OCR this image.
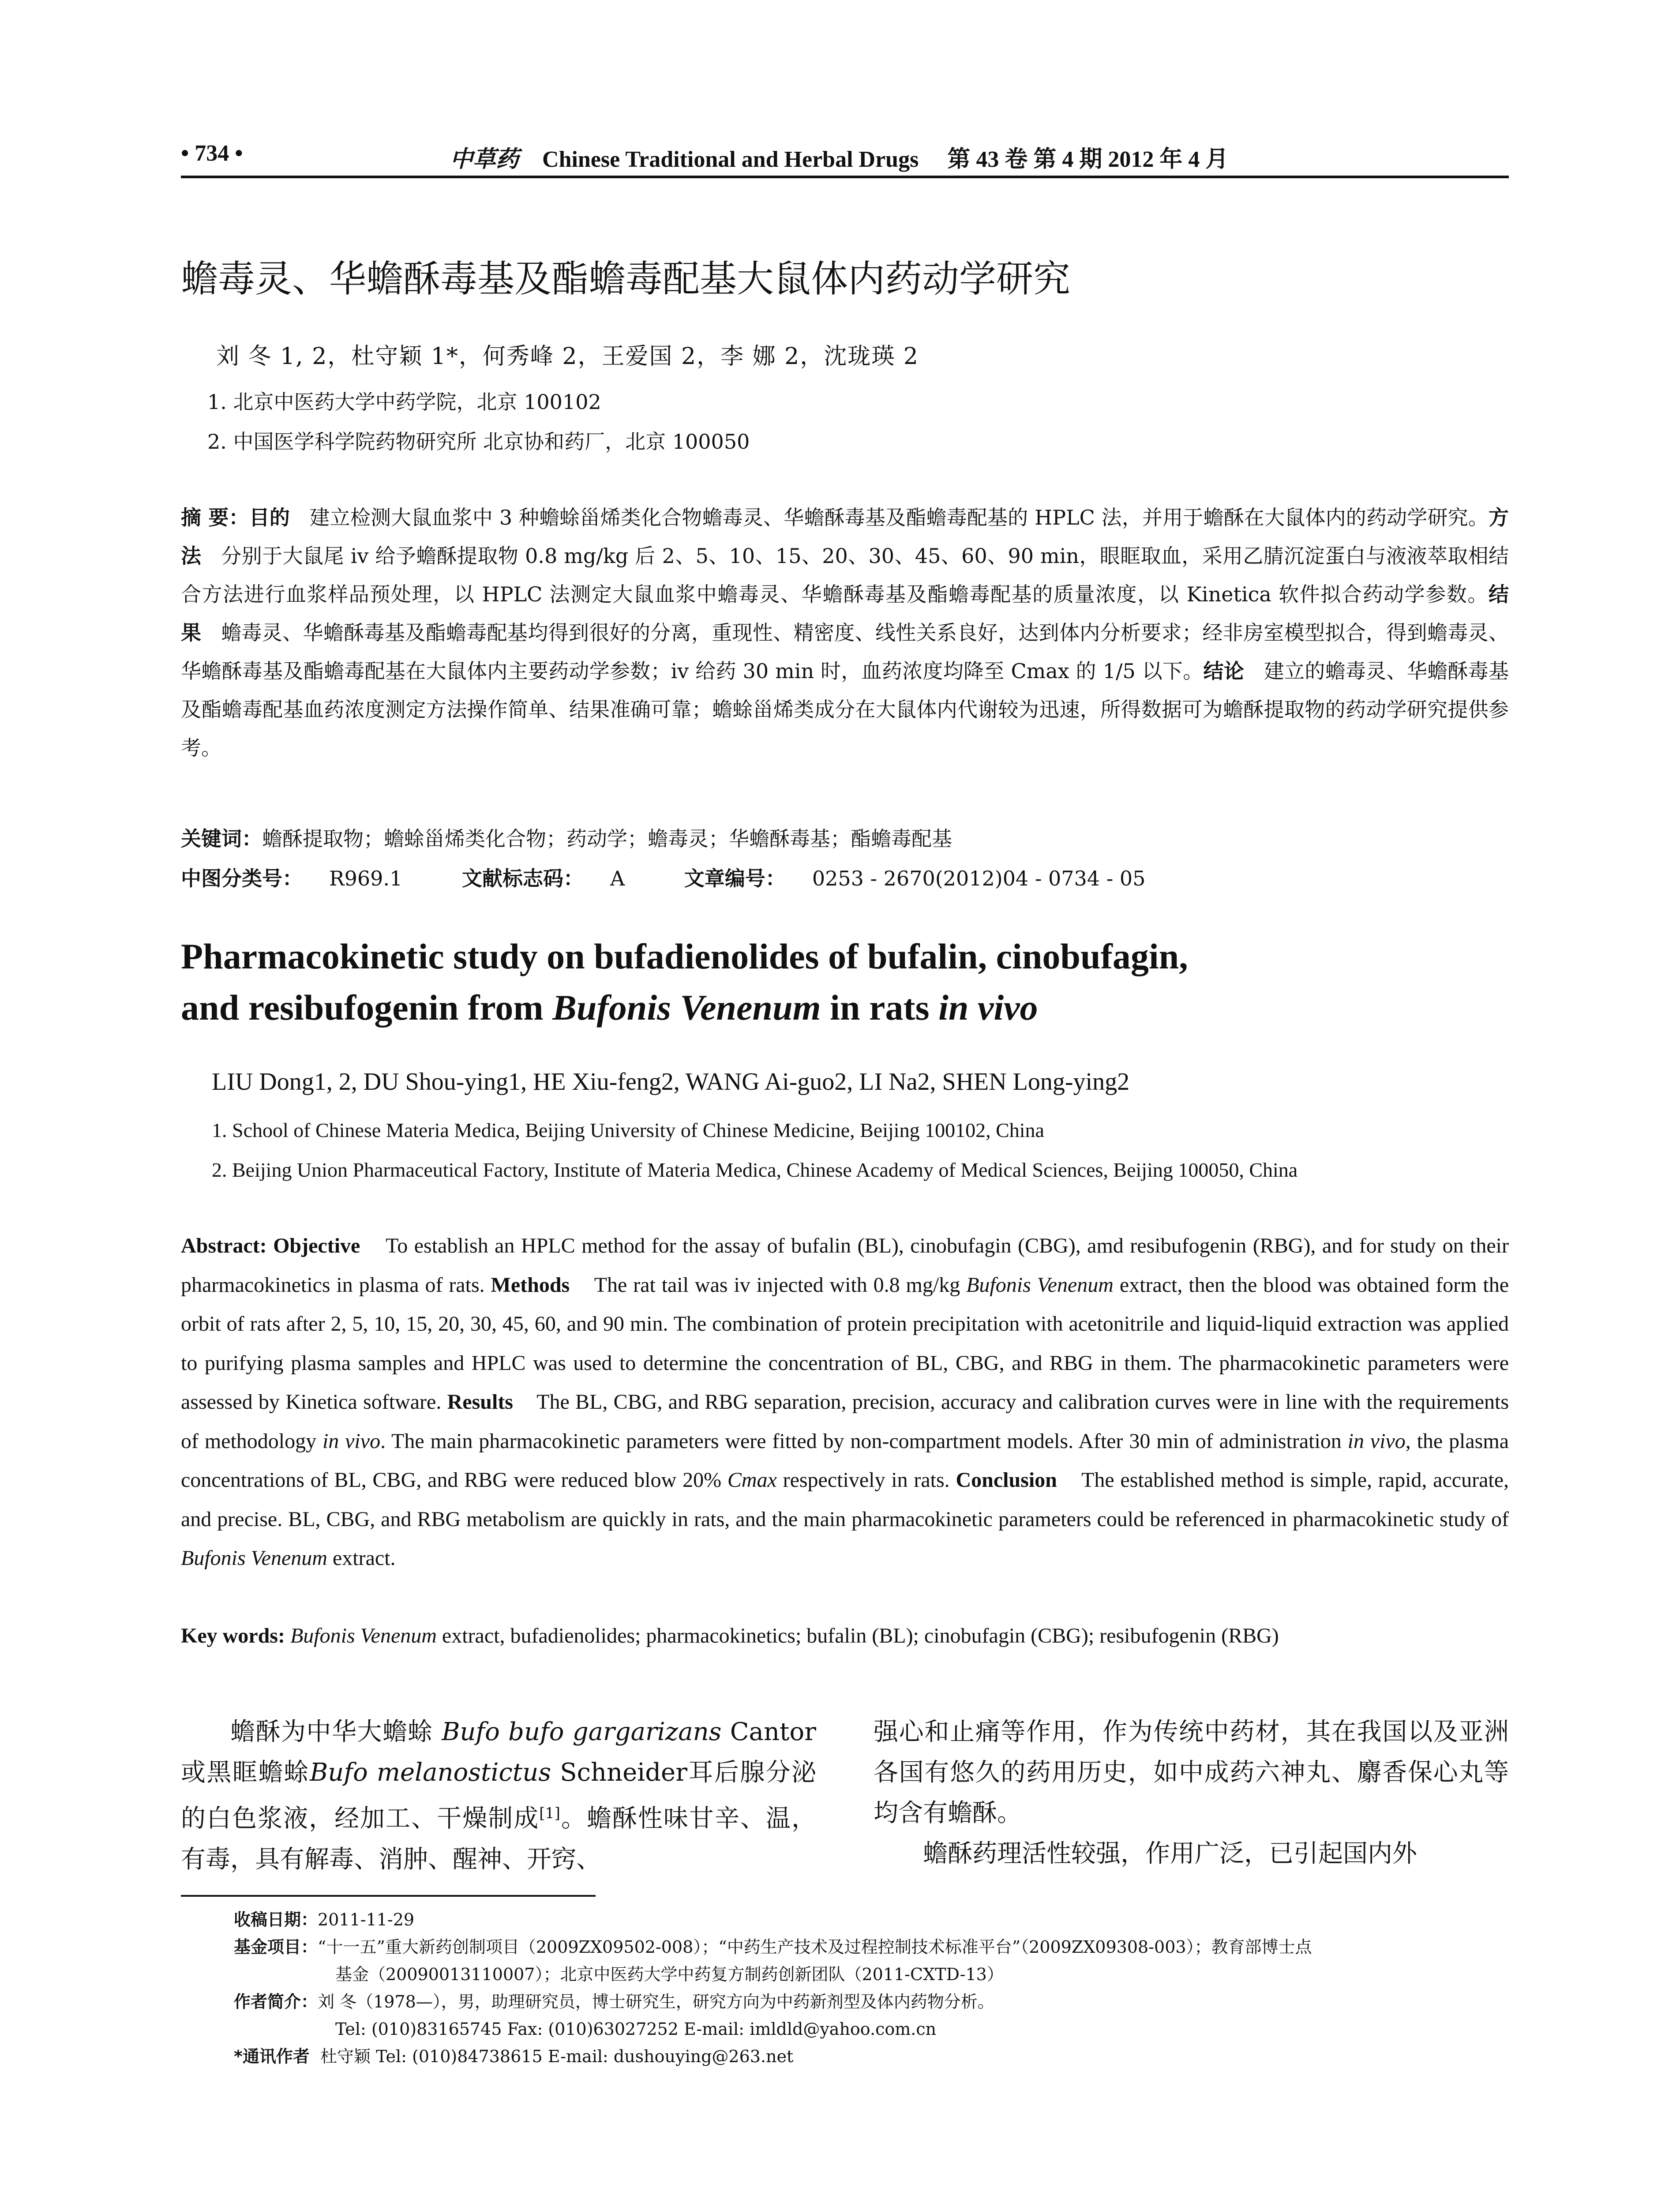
• 734 •	中草药 Chinese Traditional and Herbal Drugs 第 43 卷 第 4 期 2012 年 4 月
蟾毒灵、华蟾酥毒基及酯蟾毒配基大鼠体内药动学研究
刘 冬 1, 2，杜守颖 1*，何秀峰 2，王爱国 2，李 娜 2，沈珑瑛 2
1. 北京中医药大学中药学院，北京 100102
2. 中国医学科学院药物研究所 北京协和药厂，北京 100050
摘 要：目的 建立检测大鼠血浆中 3 种蟾蜍甾烯类化合物蟾毒灵、华蟾酥毒基及酯蟾毒配基的 HPLC 法，并用于蟾酥在大鼠体内的药动学研究。方法 分别于大鼠尾 iv 给予蟾酥提取物 0.8 mg/kg 后 2、5、10、15、20、30、45、60、90 min，眼眶取血，采用乙腈沉淀蛋白与液液萃取相结合方法进行血浆样品预处理，以 HPLC 法测定大鼠血浆中蟾毒灵、华蟾酥毒基及酯蟾毒配基的质量浓度，以 Kinetica 软件拟合药动学参数。结果 蟾毒灵、华蟾酥毒基及酯蟾毒配基均得到很好的分离，重现性、精密度、线性关系良好，达到体内分析要求；经非房室模型拟合，得到蟾毒灵、华蟾酥毒基及酯蟾毒配基在大鼠体内主要药动学参数；iv 给药 30 min 时，血药浓度均降至 Cmax 的 1/5 以下。结论 建立的蟾毒灵、华蟾酥毒基及酯蟾毒配基血药浓度测定方法操作简单、结果准确可靠；蟾蜍甾烯类成分在大鼠体内代谢较为迅速，所得数据可为蟾酥提取物的药动学研究提供参考。
关键词：蟾酥提取物；蟾蜍甾烯类化合物；药动学；蟾毒灵；华蟾酥毒基；酯蟾毒配基
中图分类号： R969.1	文献标志码： A	文章编号： 0253 - 2670(2012)04 - 0734 - 05
Pharmacokinetic study on bufadienolides of bufalin, cinobufagin,
and resibufogenin from Bufonis Venenum in rats in vivo
LIU Dong1, 2, DU Shou-ying1, HE Xiu-feng2, WANG Ai-guo2, LI Na2, SHEN Long-ying2
1. School of Chinese Materia Medica, Beijing University of Chinese Medicine, Beijing 100102, China
2. Beijing Union Pharmaceutical Factory, Institute of Materia Medica, Chinese Academy of Medical Sciences, Beijing 100050, China
Abstract: Objective To establish an HPLC method for the assay of bufalin (BL), cinobufagin (CBG), amd resibufogenin (RBG), and for study on their pharmacokinetics in plasma of rats. Methods The rat tail was iv injected with 0.8 mg/kg Bufonis Venenum extract, then the blood was obtained form the orbit of rats after 2, 5, 10, 15, 20, 30, 45, 60, and 90 min. The combination of protein precipitation with acetonitrile and liquid-liquid extraction was applied to purifying plasma samples and HPLC was used to determine the concentration of BL, CBG, and RBG in them. The pharmacokinetic parameters were assessed by Kinetica software. Results The BL, CBG, and RBG separation, precision, accuracy and calibration curves were in line with the requirements of methodology in vivo. The main pharmacokinetic parameters were fitted by non-compartment models. After 30 min of administration in vivo, the plasma concentrations of BL, CBG, and RBG were reduced blow 20% Cmax respectively in rats. Conclusion The established method is simple, rapid, accurate, and precise. BL, CBG, and RBG metabolism are quickly in rats, and the main pharmacokinetic parameters could be referenced in pharmacokinetic study of Bufonis Venenum extract.
Key words: Bufonis Venenum extract, bufadienolides; pharmacokinetics; bufalin (BL); cinobufagin (CBG); resibufogenin (RBG)
蟾酥为中华大蟾蜍 Bufo bufo gargarizans Cantor或黑眶蟾蜍Bufo melanostictus Schneider耳后腺分泌的白色浆液，经加工、干燥制成[1]。蟾酥性味甘辛、温，有毒，具有解毒、消肿、醒神、开窍、
强心和止痛等作用，作为传统中药材，其在我国以及亚洲各国有悠久的药用历史，如中成药六神丸、麝香保心丸等均含有蟾酥。
蟾酥药理活性较强，作用广泛，已引起国内外
收稿日期：2011-11-29
基金项目：“十一五”重大新药创制项目（2009ZX09502-008）；“中药生产技术及过程控制技术标准平台”（2009ZX09308-003）；教育部博士点
基金（20090013110007）；北京中医药大学中药复方制药创新团队（2011-CXTD-13）
作者简介：刘 冬（1978—），男，助理研究员，博士研究生，研究方向为中药新剂型及体内药物分析。
Tel: (010)83165745 Fax: (010)63027252 E-mail: imldld@yahoo.com.cn
*通讯作者 杜守颖 Tel: (010)84738615 E-mail: dushouying@263.net
